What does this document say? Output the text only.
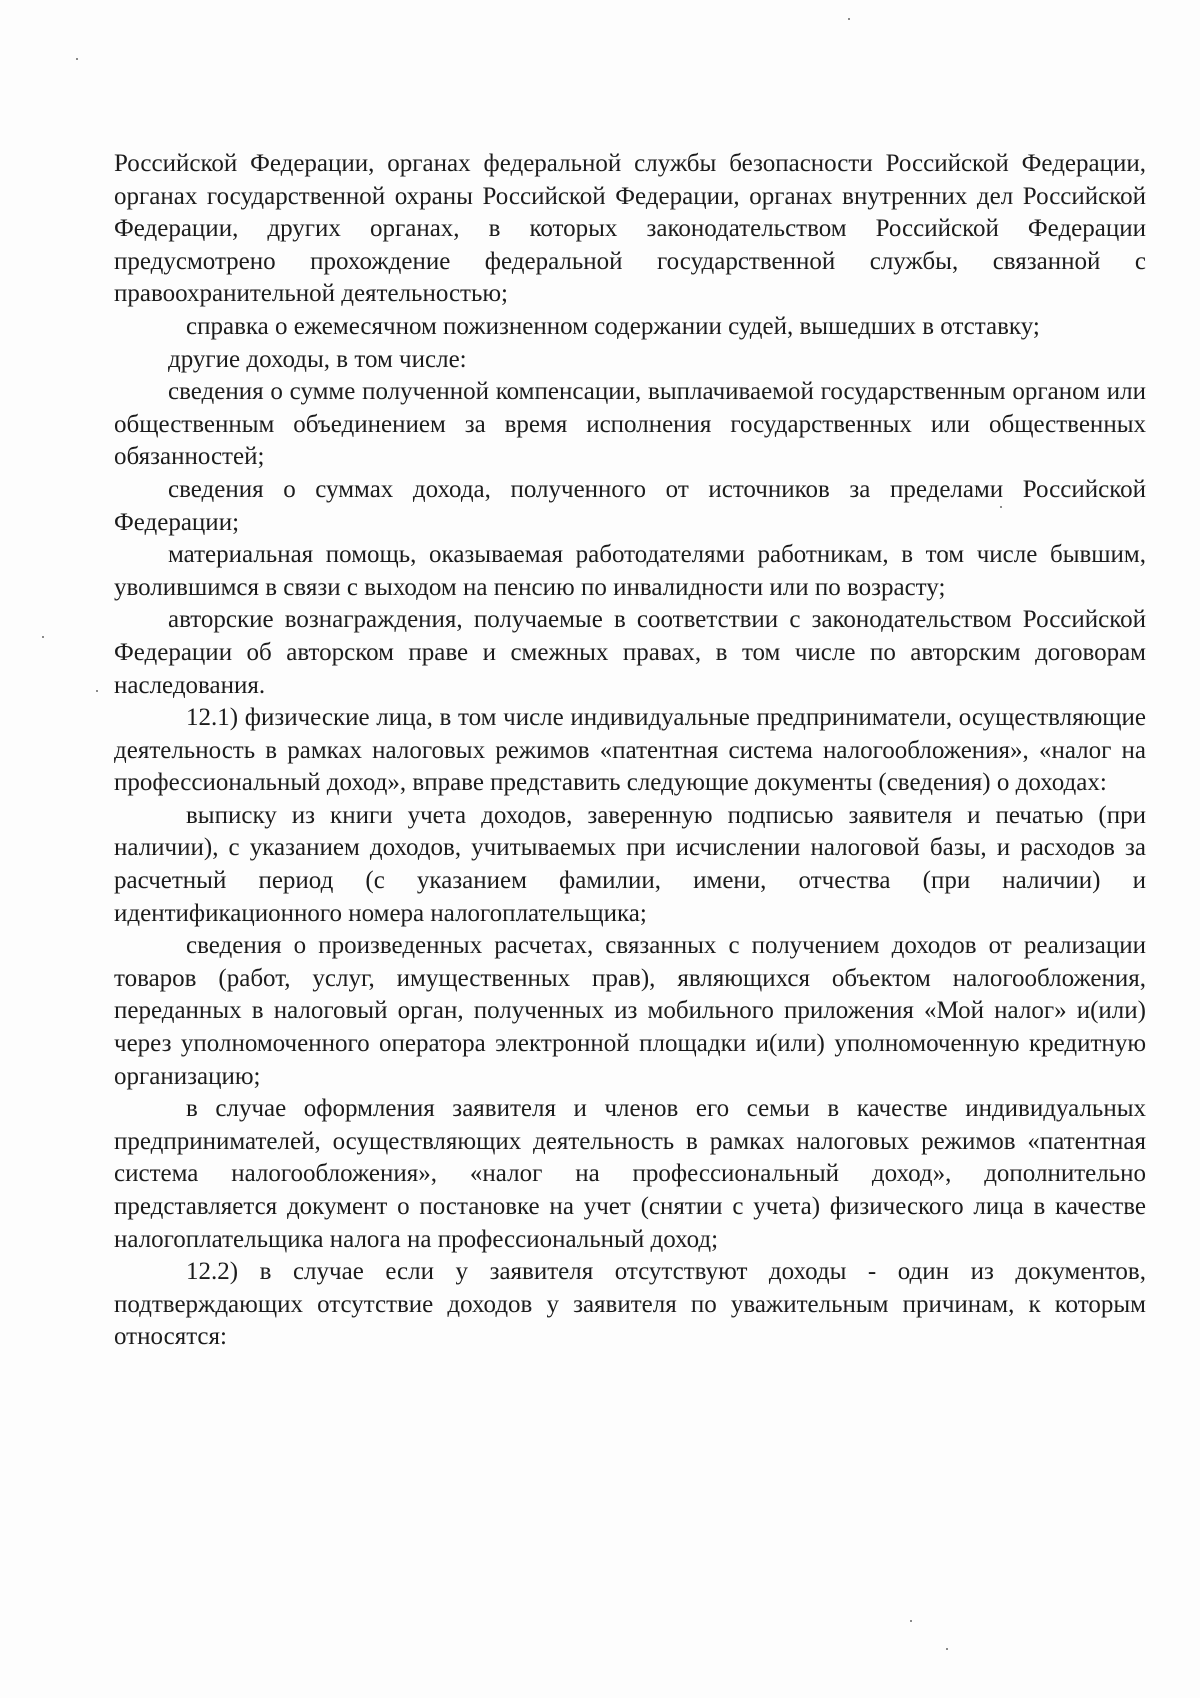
Российской Федерации, органах федеральной службы безопасности Российской Федерации, органах государственной охраны Российской Федерации, органах внутренних дел Российской Федерации, других органах, в которых законодательством Российской Федерации предусмотрено прохождение федеральной государственной службы, связанной с правоохранительной деятельностью;

справка о ежемесячном пожизненном содержании судей, вышедших в отставку;

другие доходы, в том числе:

сведения о сумме полученной компенсации, выплачиваемой государственным органом или общественным объединением за время исполнения государственных или общественных обязанностей;

сведения о суммах дохода, полученного от источников за пределами Российской Федерации;

материальная помощь, оказываемая работодателями работникам, в том числе бывшим, уволившимся в связи с выходом на пенсию по инвалидности или по возрасту;

авторские вознаграждения, получаемые в соответствии с законодательством Российской Федерации об авторском праве и смежных правах, в том числе по авторским договорам наследования.

12.1) физические лица, в том числе индивидуальные предприниматели, осуществляющие деятельность в рамках налоговых режимов «патентная система налогообложения», «налог на профессиональный доход», вправе представить следующие документы (сведения) о доходах:

выписку из книги учета доходов, заверенную подписью заявителя и печатью (при наличии), с указанием доходов, учитываемых при исчислении налоговой базы, и расходов за расчетный период (с указанием фамилии, имени, отчества (при наличии) и идентификационного номера налогоплательщика;

сведения о произведенных расчетах, связанных с получением доходов от реализации товаров (работ, услуг, имущественных прав), являющихся объектом налогообложения, переданных в налоговый орган, полученных из мобильного приложения «Мой налог» и(или) через уполномоченного оператора электронной площадки и(или) уполномоченную кредитную организацию;

в случае оформления заявителя и членов его семьи в качестве индивидуальных предпринимателей, осуществляющих деятельность в рамках налоговых режимов «патентная система налогообложения», «налог на профессиональный доход», дополнительно представляется документ о постановке на учет (снятии с учета) физического лица в качестве налогоплательщика налога на профессиональный доход;

12.2) в случае если у заявителя отсутствуют доходы - один из документов, подтверждающих отсутствие доходов у заявителя по уважительным причинам, к которым относятся:
